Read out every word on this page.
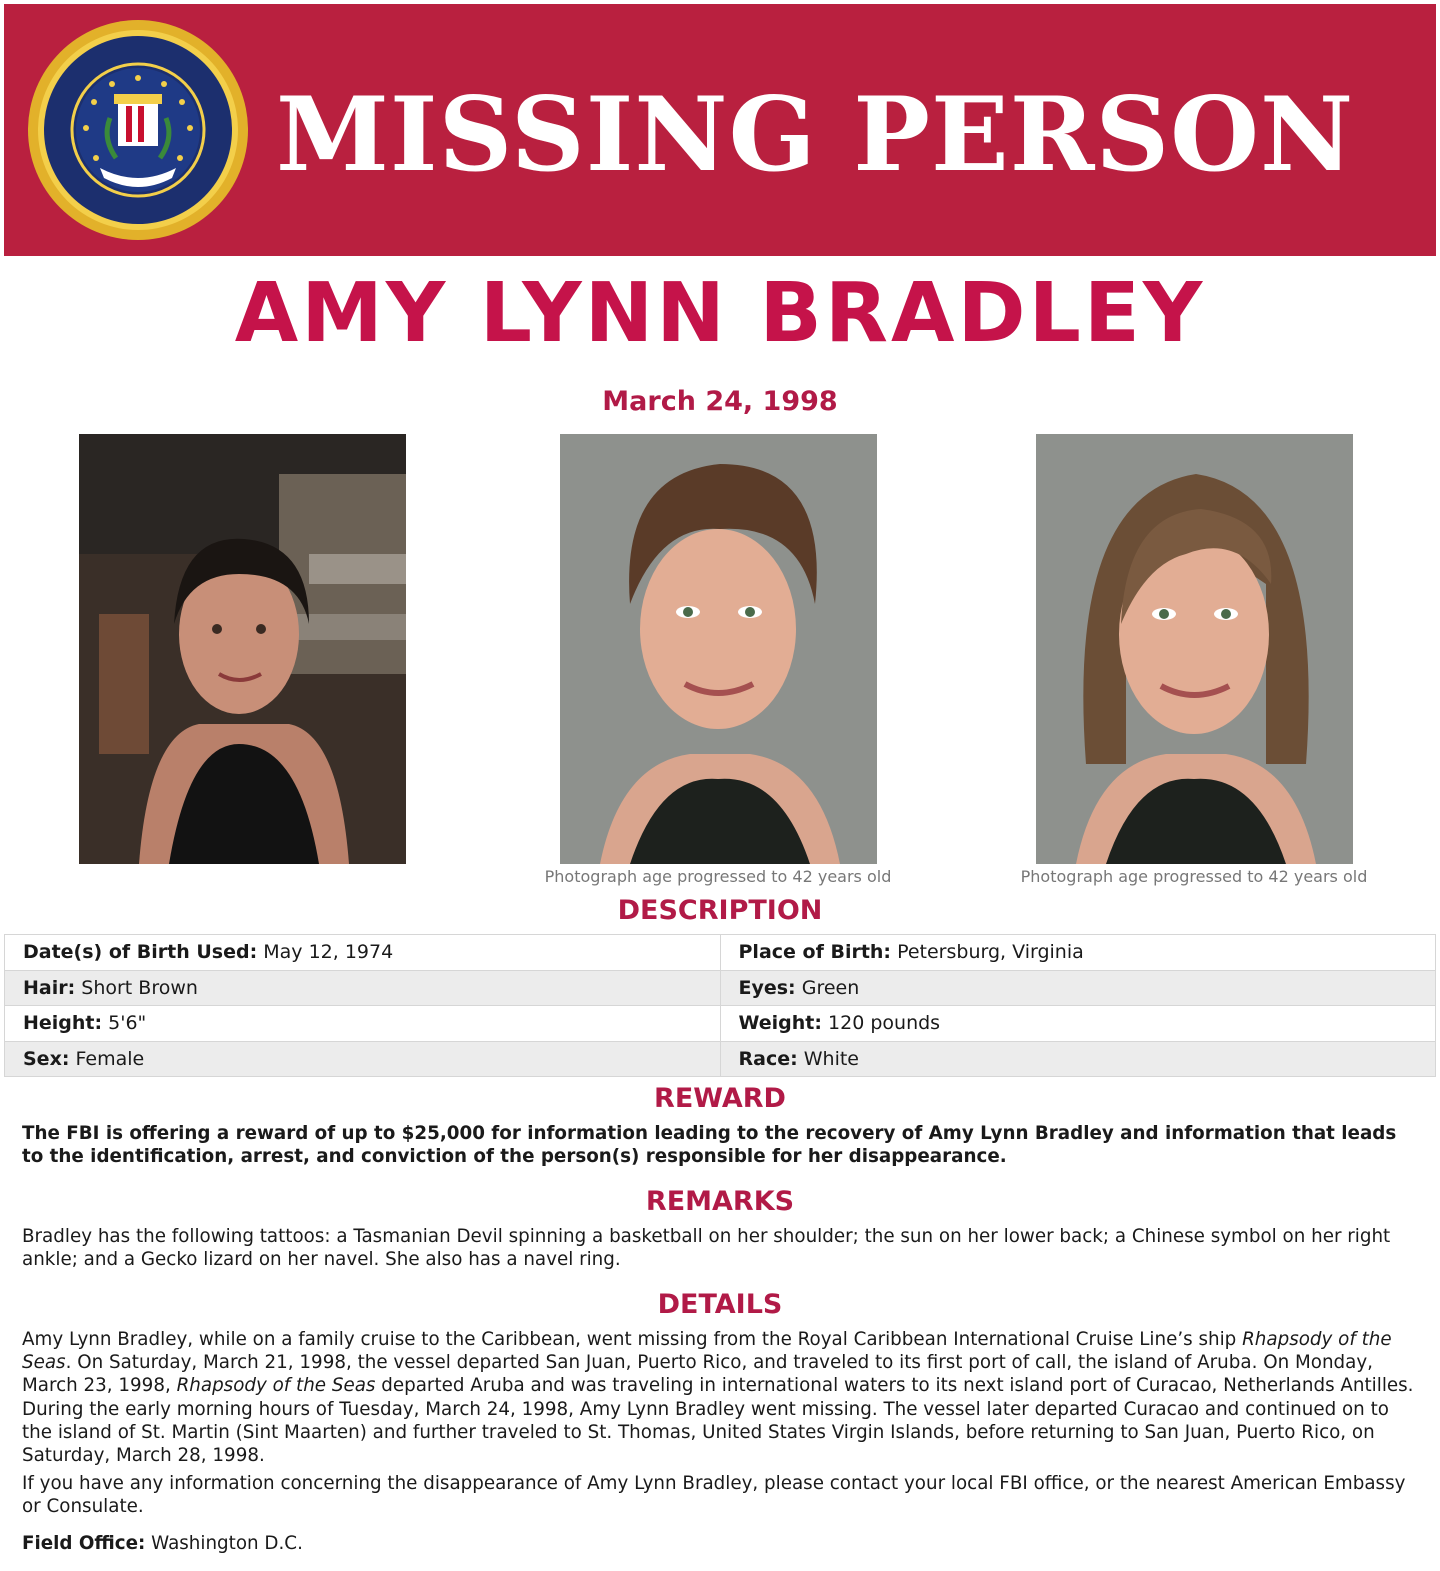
MISSING PERSON
AMY LYNN BRADLEY
March 24, 1998
Photograph age progressed to 42 years old	Photograph age progressed to 42 years old
DESCRIPTION
Date(s) of Birth Used: May 12, 1974	Place of Birth: Petersburg, Virginia
Hair: Short Brown	Eyes: Green
Height: 5'6"	Weight: 120 pounds
Sex: Female	Race: White
REWARD

The FBI is offering a reward of up to $25,000 for information leading to the recovery of Amy Lynn Bradley and information that leads to the identification, arrest, and conviction of the person(s) responsible for her disappearance.

REMARKS

Bradley has the following tattoos: a Tasmanian Devil spinning a basketball on her shoulder; the sun on her lower back; a Chinese symbol on her right ankle; and a Gecko lizard on her navel. She also has a navel ring.

DETAILS

Amy Lynn Bradley, while on a family cruise to the Caribbean, went missing from the Royal Caribbean International Cruise Line’s ship Rhapsody of the Seas. On Saturday, March 21, 1998, the vessel departed San Juan, Puerto Rico, and traveled to its first port of call, the island of Aruba. On Monday, March 23, 1998, Rhapsody of the Seas departed Aruba and was traveling in international waters to its next island port of Curacao, Netherlands Antilles. During the early morning hours of Tuesday, March 24, 1998, Amy Lynn Bradley went missing. The vessel later departed Curacao and continued on to the island of St. Martin (Sint Maarten) and further traveled to St. Thomas, United States Virgin Islands, before returning to San Juan, Puerto Rico, on Saturday, March 28, 1998.

If you have any information concerning the disappearance of Amy Lynn Bradley, please contact your local FBI office, or the nearest American Embassy or Consulate.

Field Office: Washington D.C.
